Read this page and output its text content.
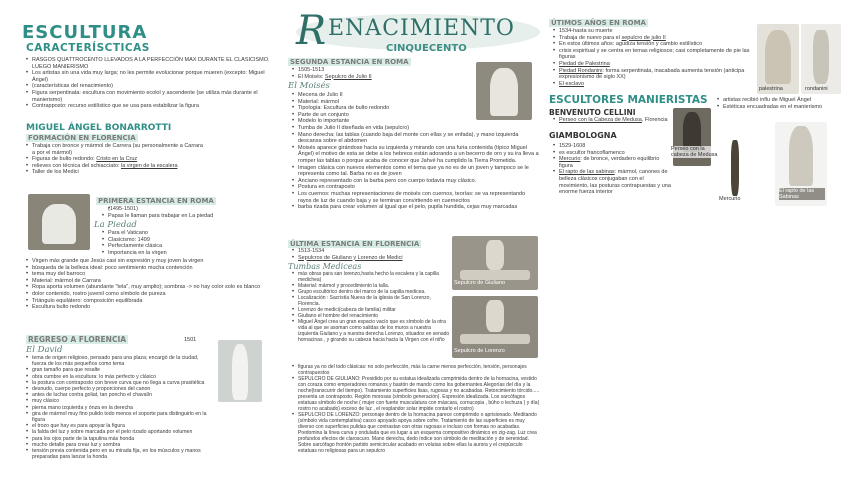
ESCULTURA
CARACTERÍSCTICAS
• RASGOS QUATTROCENTO LLEVADOS A LA PERFECCIÓN MAX DURANTE EL CLASICISMO. LUEGO MANIERISMO
• Los artistas sin una vida muy larga; no les permite evolucionar porque mueren (excepto: Miguel Ángel)
• (características del renacimiento)
• Figura serpentinata: escultura con movimiento ecolol y ascendente (se utiliza más durante el manierismo)
• Contrapposto: recurso estilístico que se usa para estabilizar la figura
MIGUEL ÁNGEL BONARROTTI
FORMACIÓN EN FLORENCIA
• Trabaja con bronce y mármol de Carrera (su personalmente a Carrara a por el mármol)
• Figuras de bulto redondo: Cristo en la Cruz
• relieves con técnica del schiacciato: la virgen de la escalera
• Taller de los Medici
PRIMERA ESTANCIA EN ROMA
• (1495-1501)
• Papas le llaman para trabajar en La piedad
La Piedad
• Para el Vaticano
• Clasicismo: 1499
• Perfectamente clásica
• Importancia en la virgen
• Virgen más grande que Jesús casi sin expresión y muy joven la virgen
• búsqueda de la belleza ideal: poco sentimiento mucha contención
• tema muy del barroco
• Material: mármol de Carrara
• Ropa aporta volumen (abundante "tela", muy amplio); sombras -> no hay color solo es blanco
• dolor contenido, rostro juvenil como símbolo de pureza
• Triángulo equilátero: composición equilibrada
• Escultura bulto redondo
REGRESO A FLORENCIA	1501
El David
• tema de origen religioso, pensado para una plaza; encargó de la ciudad, fuerza de los más pequeños como tema
• gran tamaño para que resalte
• obra cumbre en la escultura: lo más perfecto y clásico
• la postura con contraposto con breve curva que no llega a curva praxitélica
• desnudo, cuerpo perfecto y proporciones del canon
• antes de luchar contra goliat, tan poncho el chavalín
• muy clásico
• pierna mano izquierda y ónza en la derecha
• gira de mármol muy fino pulido todo menos el soporte para distinguirlo en la figura
• el trozo que hay es para apoyar la figura
• la falda del luz y sobre marcada por el pelo rizado aportando volumen
• para los ojos parte de la tapulina más honda
• mucho detalle para crear luz y sombra
• tensión previa contenida pero en su mirada fija, en los músculos y manos preparadas para lanzar la honda
R ENACIMIENTO
CINQUECENTO
SEGUNDA ESTANCIA EN ROMA
• 1505-1513
• El Moisés: Sepulcro de Julio II
El Moisés
• Mecena de Julio II
• Material: mármol
• Tipología: Escultura de bulto redondo
• Parte de un conjunto
• Modelo lo importante
• Tumba de Julio II diseñada en vida (sepulcro)
• Mano derecha: las tablas (cuando baja del monte con ellas y se enfada), y mano izquierda descansa sobre el abdomen
• Moisés aparece girándose hacia su izquierda y mirando con una furia contenida (típico Miguel Ángel) el motivo de esta se debe a los hebreos están adorando a un becerro de oro y su ira lleva a romper las tablas o porque acaba de conocer que Jahvé ha cumplido la Tierra Prometida.
• Imagen clásica con nuevos elementos como el tema que ya no es de un joven y tampoco se le representa como tal. Barba no es de joven
• Anciano representado con la barba pero con cuerpo todavía muy clásico.
• Postura en contraposto
• Los cuernos: muchas representaciones de moisés con cuernos, teorías: se va representando rayos de luz de cuando baja y se terminan convirtiendo en cuernecitos
• barba rizada para crear volumen al igual que el pelo, pupila hundida, cejas muy marcadas
ÚLTIMA ESTANCIA EN FLORENCIA
• 1513-1534
• Sepulcros de Giuliano y Lorenzo de Medici
Tumbas Mediceas
Sepulcro de Giuliano
Sepulcro de Lorenzo
• más obras para san lorenzo,hasta hecho la escalera y la capilla medichea)
• Material: mármol y procedimiento la talla.
• Grupo escultórico dentro del marco de la capilla medicea.
• Localización : Sacristía Nueva de la iglesia de San Lorenzo, Florencia.
• Lorenzo de medici(cabeza de familia) militar
• Giuliano el hombre del renacimiento
• Miguel Ángel crea un gran espacio vacío que es símbolo de la otra vida al que se asoman como salidas de los muros a nuestra izquierda Giuliano y a nuestra derecha Lorenzo, situados en senado hornacinas , y girando su cabeza hacia hacia la Virgen con el niño
• figuras ya no del todo clásicas: no solo perfección, más la carne menos perfección, tensión, personajes contrapuestos
• SEPULCRO DE GIULIANO: Presidido por su estatua idealizada comprimida dentro de la hornacina, vestido con coraza como emperadores romanos y bastón de mando como los gobernantes.Alegorías del día y la noche(transcurrir del tiempo). Tratamiento superficies lisas, rugosas y no acabadas. Retorcimiento tórcido..... presenta un contraposto. Región morosas (símbolo generación). Expresión idealizada. Los sarcófagos estatuas símbolo de noche ( mujer con fuerte musculatura con máscara, cornucopia , búho o lechuza ) y día( rostro no acabado) exceso de luz , el resplandor solar impide contarlo el rostro)
• SEPULCRO DE LORENZO: personaje dentro de la hornacina parece comprimido o aprisionado. Meditando (símbolo vida contemplativa) casco apoyado apoya sobre cofre. Tratamiento de las superficies es muy diverso con superficies pulidas que contrastan con otras rugosas e incluso con formas no acabadas. Predomina la línea curva y ondulada que es lugar a un esquema compositivo dinámico en zig-zag. Luz crea profundos efectos de claroscuro. Mano derecha, dedo índice son símbolo de meditación y de serenidad. Sobre sarcófago frontón partido semicircular acabado en volutas sobre ellas la aurora y el crepúsculo estatuas no religiosas para un sepulcro
ÚTIMOS AÑOS EN ROMA
• 1534-hasta su muerte
• Trabaja de nuevo para el sepulcro de julio II
• En estos últimos años: agudiza tensión y cambio estilístico
• crisis espiritual y se centra en temas religiosos; casi completamente de pie las figuras
• Piedad de Palestrina
• Piedad Rondanini: forma serpentinata, inacabada aumenta tensión (anticipa expresionismo de siglo XX)
• El esclavo
palestrina	rondanini
ESCULTORES MANIERISTAS
•	artistas recibió influ de Miguel Ángel
• Estéticas encuadradas en el manierismo
BENVENUTO CELLINI
• Perseo con la Cabeza de Medusa, Florencia
Perseo con la cabeza de Medusa
GIAMBOLOGNA
• 1529-1608
• es escultor francoflamenco
• Mercurio: de bronce, verdadero equilibrio figura
• El rapto de las sabinas: mármol, canones de belleza clásicos conjugaban con el movimiento, las posturas contrapuestas y una enorme fuerza interior
Mercurio
El rapto de las Sabinas
